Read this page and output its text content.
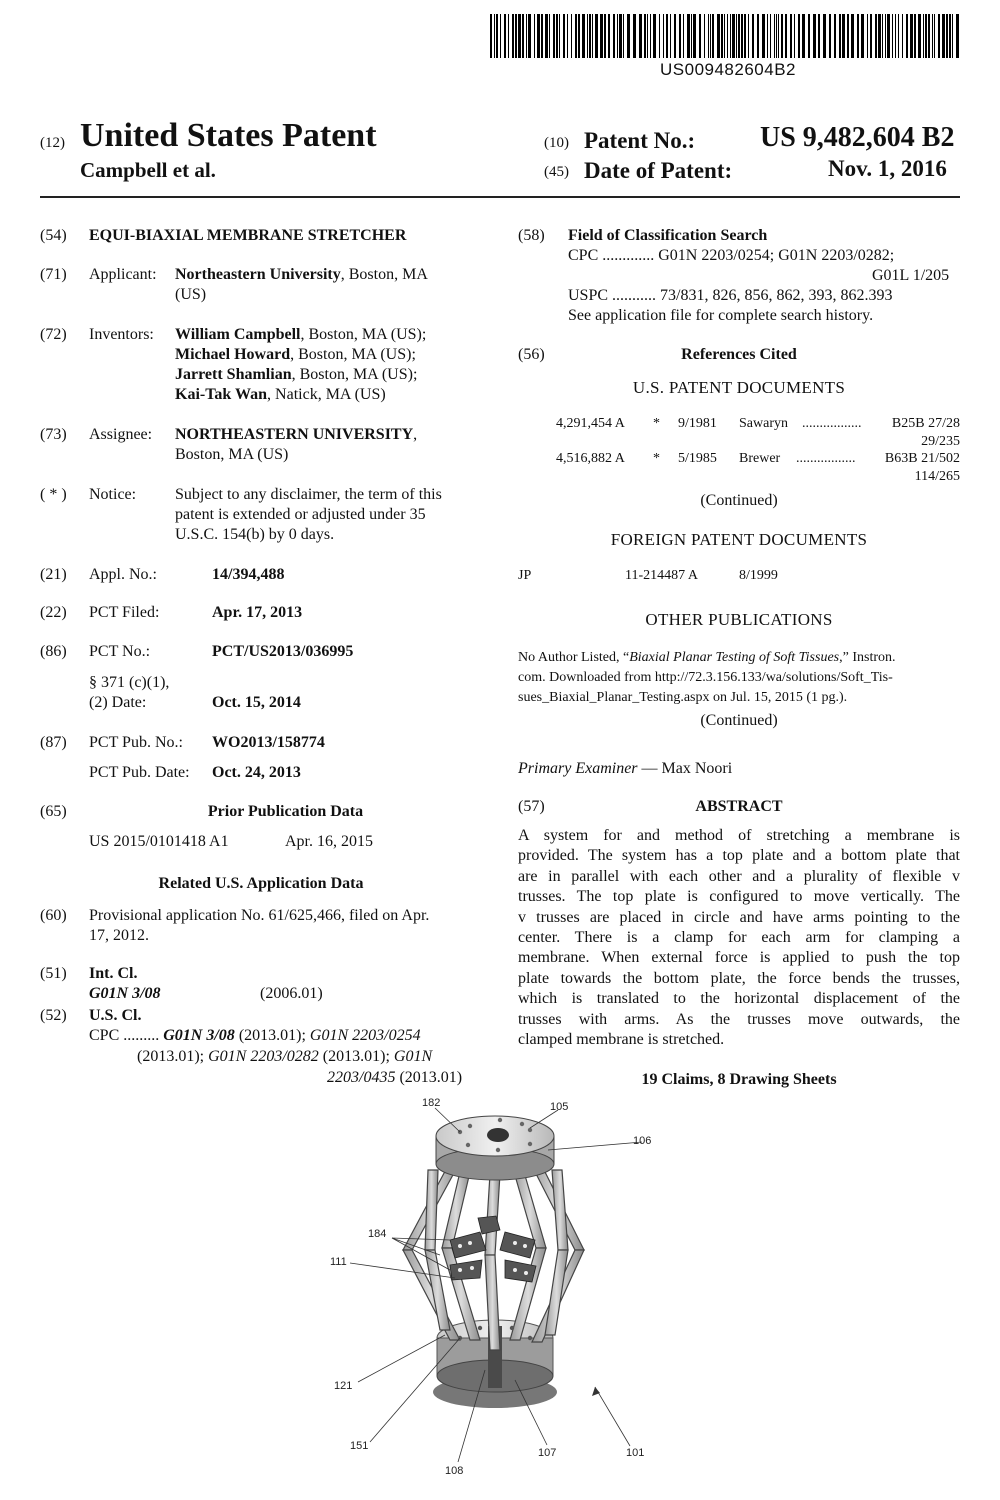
US009482604B2
(12) United States Patent
Campbell et al.
(10) Patent No.: US 9,482,604 B2
(45) Date of Patent:	Nov. 1, 2016
(54) EQUI-BIAXIAL MEMBRANE STRETCHER
(71) Applicant: Northeastern University, Boston, MA
(US)
(72) Inventors: William Campbell, Boston, MA (US);
Michael Howard, Boston, MA (US);
Jarrett Shamlian, Boston, MA (US);
Kai-Tak Wan, Natick, MA (US)
(73) Assignee: NORTHEASTERN UNIVERSITY,
Boston, MA (US)
( * ) Notice: Subject to any disclaimer, the term of this
patent is extended or adjusted under 35
U.S.C. 154(b) by 0 days.
(21) Appl. No.:	14/394,488
(22) PCT Filed:	Apr. 17, 2013
(86) PCT No.:	PCT/US2013/036995
§ 371 (c)(1),
(2) Date:	Oct. 15, 2014
(87) PCT Pub. No.: WO2013/158774
PCT Pub. Date: Oct. 24, 2013
(65)	Prior Publication Data
US 2015/0101418 A1	Apr. 16, 2015
Related U.S. Application Data
(60) Provisional application No. 61/625,466, filed on Apr.
17, 2012.
(51) Int. Cl.
G01N 3/08	(2006.01)
(52) U.S. Cl.
CPC ......... G01N 3/08 (2013.01); G01N 2203/0254
(2013.01); G01N 2203/0282 (2013.01); G01N
2203/0435 (2013.01)
(58) Field of Classification Search
CPC ............. G01N 2203/0254; G01N 2203/0282;
G01L 1/205
USPC ........... 73/831, 826, 856, 862, 393, 862.393
See application file for complete search history.
(56)	References Cited
U.S. PATENT DOCUMENTS
4,291,454 A * 9/1981 Sawaryn ................. B25B 27/28
29/235
4,516,882 A * 5/1985 Brewer ................. B63B 21/502
114/265
(Continued)
FOREIGN PATENT DOCUMENTS
JP	11-214487 A	8/1999
OTHER PUBLICATIONS
No Author Listed, “Biaxial Planar Testing of Soft Tissues,” Instron.
com. Downloaded from http://72.3.156.133/wa/solutions/Soft_Tis-
sues_Biaxial_Planar_Testing.aspx on Jul. 15, 2015 (1 pg.).
(Continued)
Primary Examiner — Max Noori
(57)	ABSTRACT
A system for and method of stretching a membrane is
provided. The system has a top plate and a bottom plate that
are in parallel with each other and a plurality of flexible v
trusses. The top plate is configured to move vertically. The
v trusses are placed in circle and have arms pointing to the
center. There is a clamp for each arm for clamping a
membrane. When external force is applied to push the top
plate towards the bottom plate, the force bends the trusses,
which is translated to the horizontal displacement of the
trusses with arms. As the trusses move outwards, the
clamped membrane is stretched.
19 Claims, 8 Drawing Sheets
182	105
106
184
111
121
151
108
107	101
